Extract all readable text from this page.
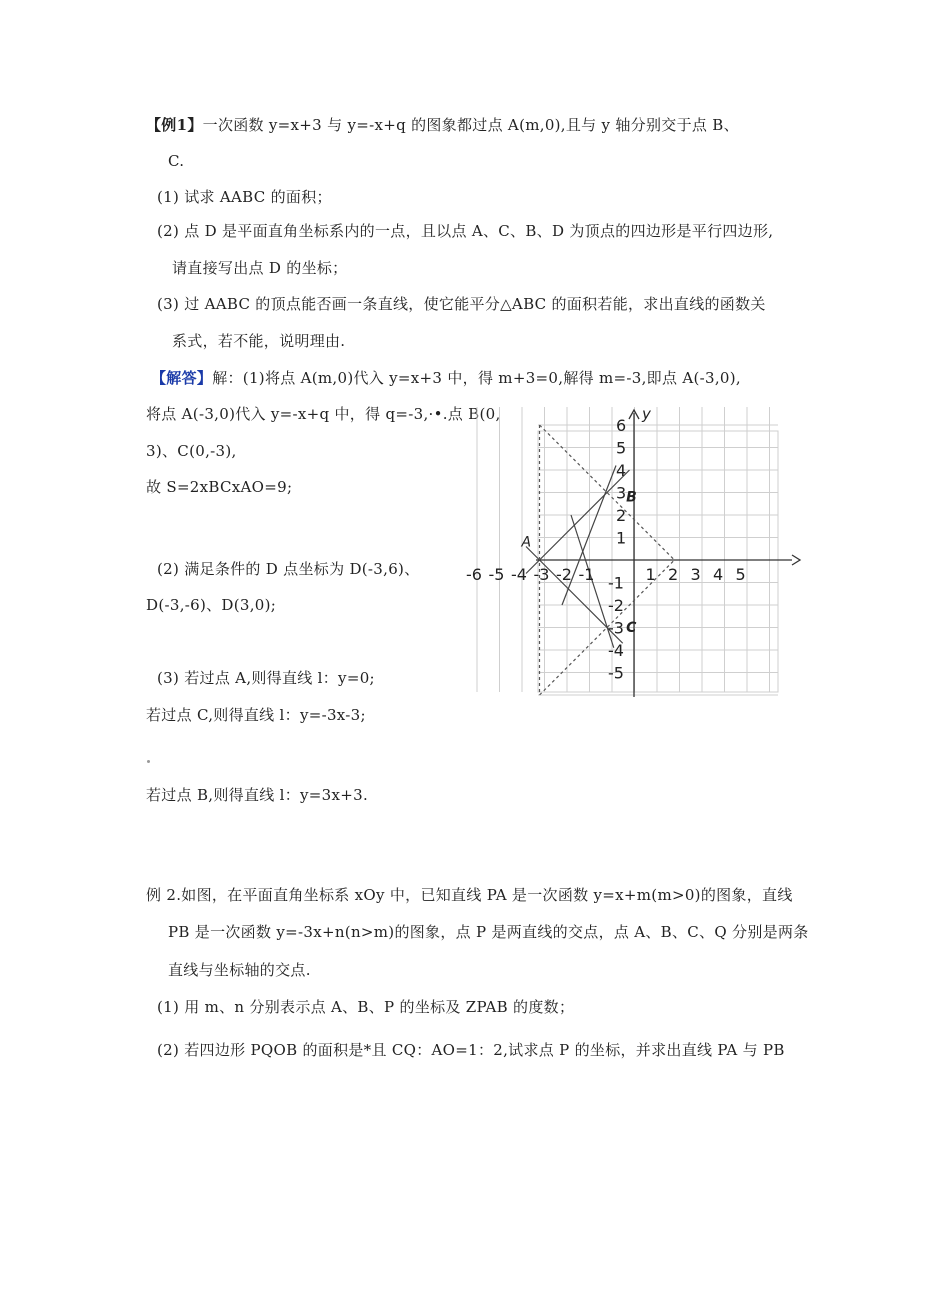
【例1】一次函数 y=x+3 与 y=-x+q 的图象都过点 A(m,0),且与 y 轴分别交于点 B、
C.
(1) 试求 AABC 的面积；
(2) 点 D 是平面直角坐标系内的一点，且以点 A、C、B、D 为顶点的四边形是平行四边形,
请直接写出点 D 的坐标；
(3) 过 AABC 的顶点能否画一条直线，使它能平分△ABC 的面积若能，求出直线的函数关
系式，若不能，说明理由.
【解答】解：(1)将点 A(m,0)代入 y=x+3 中，得 m+3=0,解得 m=-3,即点 A(-3,0),
将点 A(-3,0)代入 y=-x+q 中，得 q=-3,·•.点 B(0,
3)、C(0,-3),
故 S=2xBCxAO=9;
(2) 满足条件的 D 点坐标为 D(-3,6)、
D(-3,-6)、D(3,0);
(3) 若过点 A,则得直线 l：y=0;
若过点 C,则得直线 l：y=-3x-3;
若过点 B,则得直线 l：y=3x+3.
例 2.如图，在平面直角坐标系 xOy 中，已知直线 PA 是一次函数 y=x+m(m>0)的图象，直线
PB 是一次函数 y=-3x+n(n>m)的图象，点 P 是两直线的交点，点 A、B、C、Q 分别是两条
直线与坐标轴的交点.
(1) 用 m、n 分别表示点 A、B、P 的坐标及 ZPAB 的度数；
(2) 若四边形 PQOB 的面积是*且 CQ：AO=1：2,试求点 P 的坐标，并求出直线 PA 与 PB
-6 -5 -4 -3 -2 -1	1 2 3 4 5
6
5
4
3
2
1
-1
-2
-3
-4
-5
y
A
B
C
